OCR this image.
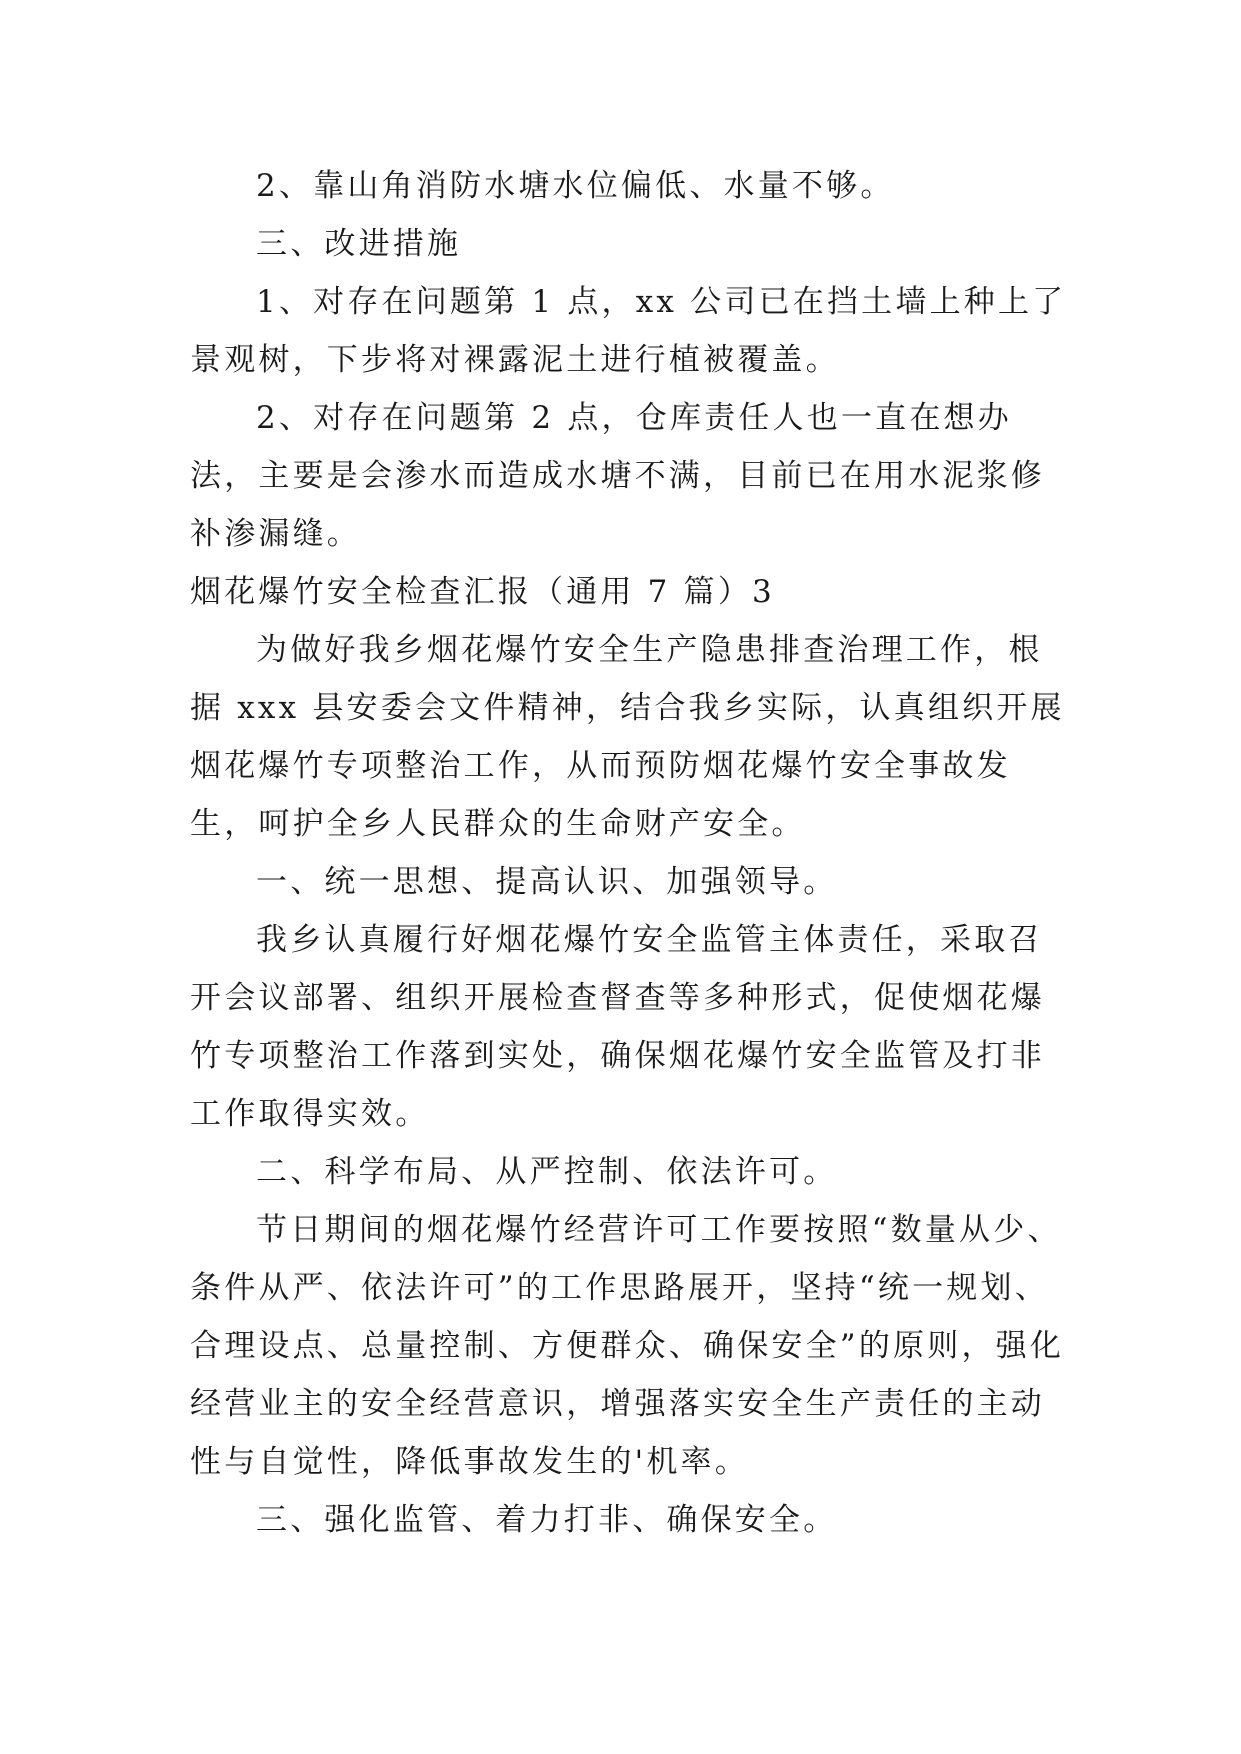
2、靠山角消防水塘水位偏低、水量不够。

三、改进措施

1、对存在问题第 1 点，xx 公司已在挡土墙上种上了景观树，下步将对裸露泥土进行植被覆盖。

2、对存在问题第 2 点，仓库责任人也一直在想办法，主要是会渗水而造成水塘不满，目前已在用水泥浆修补渗漏缝。

烟花爆竹安全检查汇报（通用 7 篇）3

为做好我乡烟花爆竹安全生产隐患排查治理工作，根据 xxx 县安委会文件精神，结合我乡实际，认真组织开展烟花爆竹专项整治工作，从而预防烟花爆竹安全事故发生，呵护全乡人民群众的生命财产安全。

一、统一思想、提高认识、加强领导。

我乡认真履行好烟花爆竹安全监管主体责任，采取召开会议部署、组织开展检查督查等多种形式，促使烟花爆竹专项整治工作落到实处，确保烟花爆竹安全监管及打非工作取得实效。

二、科学布局、从严控制、依法许可。

节日期间的烟花爆竹经营许可工作要按照“数量从少、条件从严、依法许可”的工作思路展开，坚持“统一规划、合理设点、总量控制、方便群众、确保安全”的原则，强化经营业主的安全经营意识，增强落实安全生产责任的主动性与自觉性，降低事故发生的'机率。

三、强化监管、着力打非、确保安全。
